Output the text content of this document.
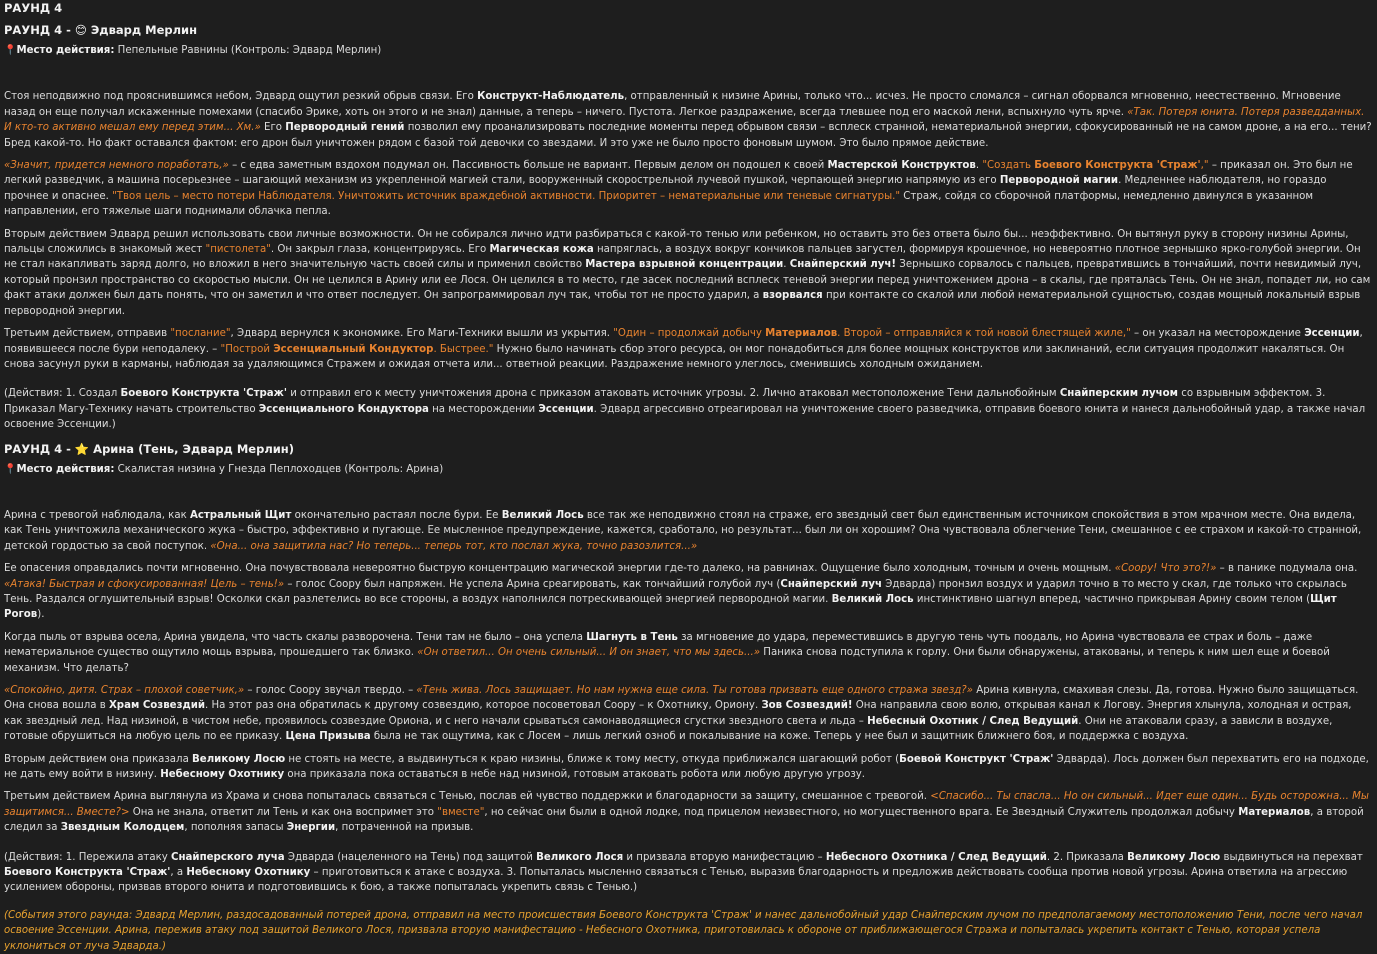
РАУНД 4
РАУНД 4 - 😊 Эдвард Мерлин
📍Место действия: Пепельные Равнины (Контроль: Эдвард Мерлин)

Стоя неподвижно под прояснившимся небом, Эдвард ощутил резкий обрыв связи. Его Конструкт-Наблюдатель, отправленный к низине Арины, только что... исчез. Не просто сломался – сигнал оборвался мгновенно, неестественно. Мгновение назад он еще получал искаженные помехами (спасибо Эрике, хоть он этого и не знал) данные, а теперь – ничего. Пустота. Легкое раздражение, всегда тлевшее под его маской лени, вспыхнуло чуть ярче. «Так. Потеря юнита. Потеря разведданных. И кто-то активно мешал ему перед этим... Хм.» Его Первородный гений позволил ему проанализировать последние моменты перед обрывом связи – всплеск странной, нематериальной энергии, сфокусированный не на самом дроне, а на его... тени? Бред какой-то. Но факт оставался фактом: его дрон был уничтожен рядом с базой той девочки со звездами. И это уже не было просто фоновым шумом. Это было прямое действие.

«Значит, придется немного поработать,» – с едва заметным вздохом подумал он. Пассивность больше не вариант. Первым делом он подошел к своей Мастерской Конструктов. "Создать Боевого Конструкта 'Страж'," – приказал он. Это был не легкий разведчик, а машина посерьезнее – шагающий механизм из укрепленной магией стали, вооруженный скорострельной лучевой пушкой, черпающей энергию напрямую из его Первородной магии. Медленнее наблюдателя, но гораздо прочнее и опаснее. "Твоя цель – место потери Наблюдателя. Уничтожить источник враждебной активности. Приоритет – нематериальные или теневые сигнатуры." Страж, сойдя со сборочной платформы, немедленно двинулся в указанном направлении, его тяжелые шаги поднимали облачка пепла.

Вторым действием Эдвард решил использовать свои личные возможности. Он не собирался лично идти разбираться с какой-то тенью или ребенком, но оставить это без ответа было бы... неэффективно. Он вытянул руку в сторону низины Арины, пальцы сложились в знакомый жест "пистолета". Он закрыл глаза, концентрируясь. Его Магическая кожа напряглась, а воздух вокруг кончиков пальцев загустел, формируя крошечное, но невероятно плотное зернышко ярко-голубой энергии. Он не стал накапливать заряд долго, но вложил в него значительную часть своей силы и применил свойство Мастера взрывной концентрации. Снайперский луч! Зернышко сорвалось с пальцев, превратившись в тончайший, почти невидимый луч, который пронзил пространство со скоростью мысли. Он не целился в Арину или ее Лося. Он целился в то место, где засек последний всплеск теневой энергии перед уничтожением дрона – в скалы, где пряталась Тень. Он не знал, попадет ли, но сам факт атаки должен был дать понять, что он заметил и что ответ последует. Он запрограммировал луч так, чтобы тот не просто ударил, а взорвался при контакте со скалой или любой нематериальной сущностью, создав мощный локальный взрыв первородной энергии.

Третьим действием, отправив "послание", Эдвард вернулся к экономике. Его Маги-Техники вышли из укрытия. "Один – продолжай добычу Материалов. Второй – отправляйся к той новой блестящей жиле," – он указал на месторождение Эссенции, появившееся после бури неподалеку. – "Построй Эссенциальный Кондуктор. Быстрее." Нужно было начинать сбор этого ресурса, он мог понадобиться для более мощных конструктов или заклинаний, если ситуация продолжит накаляться. Он снова засунул руки в карманы, наблюдая за удаляющимся Стражем и ожидая отчета или... ответной реакции. Раздражение немного улеглось, сменившись холодным ожиданием.

(Действия: 1. Создал Боевого Конструкта 'Страж' и отправил его к месту уничтожения дрона с приказом атаковать источник угрозы. 2. Лично атаковал местоположение Тени дальнобойным Снайперским лучом со взрывным эффектом. 3. Приказал Магу-Технику начать строительство Эссенциального Кондуктора на месторождении Эссенции. Эдвард агрессивно отреагировал на уничтожение своего разведчика, отправив боевого юнита и нанеся дальнобойный удар, а также начал освоение Эссенции.)

РАУНД 4 - ⭐ Арина (Тень, Эдвард Мерлин)
📍Место действия: Скалистая низина у Гнезда Пеплоходцев (Контроль: Арина)

Арина с тревогой наблюдала, как Астральный Щит окончательно растаял после бури. Ее Великий Лось все так же неподвижно стоял на страже, его звездный свет был единственным источником спокойствия в этом мрачном месте. Она видела, как Тень уничтожила механического жука – быстро, эффективно и пугающе. Ее мысленное предупреждение, кажется, сработало, но результат... был ли он хорошим? Она чувствовала облегчение Тени, смешанное с ее страхом и какой-то странной, детской гордостью за свой поступок. «Она... она защитила нас? Но теперь... теперь тот, кто послал жука, точно разозлится...»

Ее опасения оправдались почти мгновенно. Она почувствовала невероятно быструю концентрацию магической энергии где-то далеко, на равнинах. Ощущение было холодным, точным и очень мощным. «Соору! Что это?!» – в панике подумала она. «Атака! Быстрая и сфокусированная! Цель – тень!» – голос Соору был напряжен. Не успела Арина среагировать, как тончайший голубой луч (Снайперский луч Эдварда) пронзил воздух и ударил точно в то место у скал, где только что скрылась Тень. Раздался оглушительный взрыв! Осколки скал разлетелись во все стороны, а воздух наполнился потрескивающей энергией первородной магии. Великий Лось инстинктивно шагнул вперед, частично прикрывая Арину своим телом (Щит Рогов).

Когда пыль от взрыва осела, Арина увидела, что часть скалы разворочена. Тени там не было – она успела Шагнуть в Тень за мгновение до удара, переместившись в другую тень чуть поодаль, но Арина чувствовала ее страх и боль – даже нематериальное существо ощутило мощь взрыва, прошедшего так близко. «Он ответил... Он очень сильный... И он знает, что мы здесь...» Паника снова подступила к горлу. Они были обнаружены, атакованы, и теперь к ним шел еще и боевой механизм. Что делать?

«Спокойно, дитя. Страх – плохой советчик,» – голос Соору звучал твердо. – «Тень жива. Лось защищает. Но нам нужна еще сила. Ты готова призвать еще одного стража звезд?» Арина кивнула, смахивая слезы. Да, готова. Нужно было защищаться. Она снова вошла в Храм Созвездий. На этот раз она обратилась к другому созвездию, которое посоветовал Соору – к Охотнику, Ориону. Зов Созвездий! Она направила свою волю, открывая канал к Логову. Энергия хлынула, холодная и острая, как звездный лед. Над низиной, в чистом небе, проявилось созвездие Ориона, и с него начали срываться самонаводящиеся сгустки звездного света и льда – Небесный Охотник / След Ведущий. Они не атаковали сразу, а зависли в воздухе, готовые обрушиться на любую цель по ее приказу. Цена Призыва была не так ощутима, как с Лосем – лишь легкий озноб и покалывание на коже. Теперь у нее был и защитник ближнего боя, и поддержка с воздуха.

Вторым действием она приказала Великому Лосю не стоять на месте, а выдвинуться к краю низины, ближе к тому месту, откуда приближался шагающий робот (Боевой Конструкт 'Страж' Эдварда). Лось должен был перехватить его на подходе, не дать ему войти в низину. Небесному Охотнику она приказала пока оставаться в небе над низиной, готовым атаковать робота или любую другую угрозу.

Третьим действием Арина выглянула из Храма и снова попыталась связаться с Тенью, послав ей чувство поддержки и благодарности за защиту, смешанное с тревогой. <Спасибо... Ты спасла... Но он сильный... Идет еще один... Будь осторожна... Мы защитимся... Вместе?> Она не знала, ответит ли Тень и как она воспримет это "вместе", но сейчас они были в одной лодке, под прицелом неизвестного, но могущественного врага. Ее Звездный Служитель продолжал добычу Материалов, а второй следил за Звездным Колодцем, пополняя запасы Энергии, потраченной на призыв.

(Действия: 1. Пережила атаку Снайперского луча Эдварда (нацеленного на Тень) под защитой Великого Лося и призвала вторую манифестацию – Небесного Охотника / След Ведущий. 2. Приказала Великому Лосю выдвинуться на перехват Боевого Конструкта 'Страж', а Небесному Охотнику – приготовиться к атаке с воздуха. 3. Попыталась мысленно связаться с Тенью, выразив благодарность и предложив действовать сообща против новой угрозы. Арина ответила на агрессию усилением обороны, призвав второго юнита и подготовившись к бою, а также попыталась укрепить связь с Тенью.)

(События этого раунда: Эдвард Мерлин, раздосадованный потерей дрона, отправил на место происшествия Боевого Конструкта 'Страж' и нанес дальнобойный удар Снайперским лучом по предполагаемому местоположению Тени, после чего начал освоение Эссенции. Арина, пережив атаку под защитой Великого Лося, призвала вторую манифестацию - Небесного Охотника, приготовилась к обороне от приближающегося Стража и попыталась укрепить контакт с Тенью, которая успела уклониться от луча Эдварда.)
